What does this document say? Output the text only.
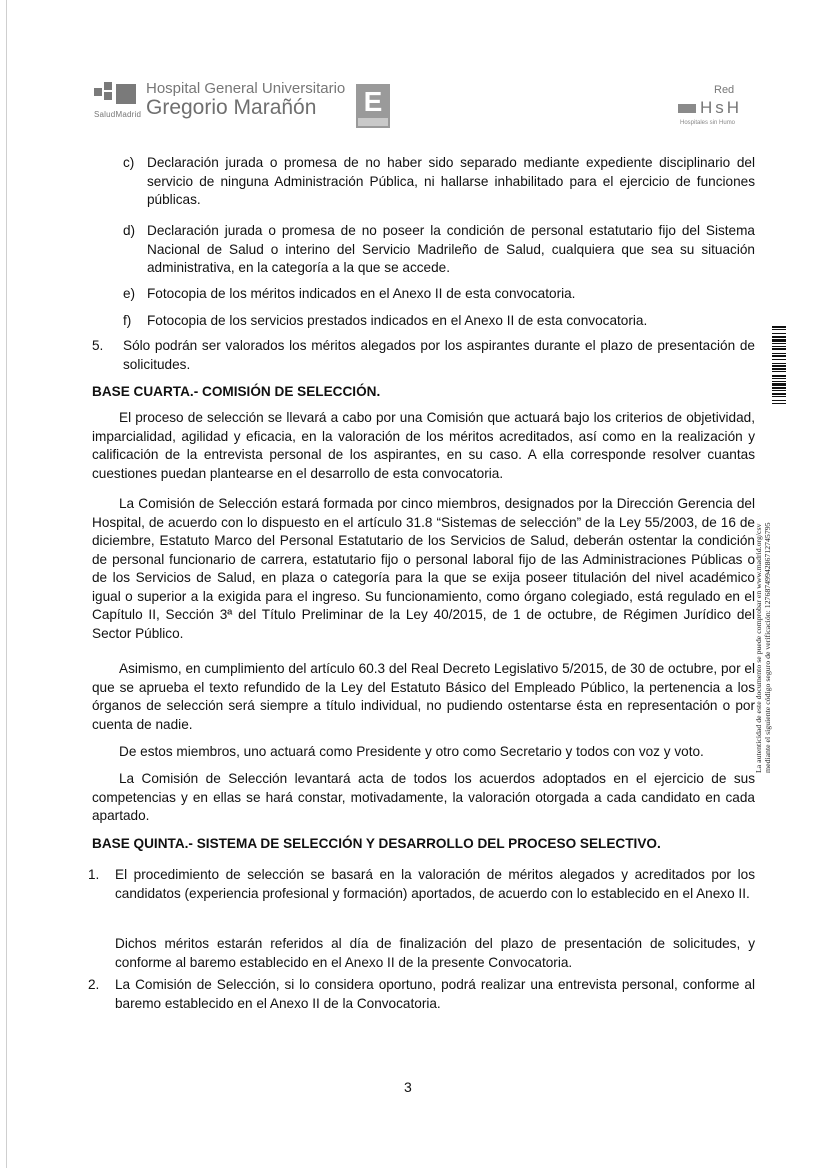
SaludMadrid
Hospital General Universitario
Gregorio Marañón E	Red
HsH
Hospitales sin Humo
c) Declaración jurada o promesa de no haber sido separado mediante expediente disciplinario del servicio de ninguna Administración Pública, ni hallarse inhabilitado para el ejercicio de funciones públicas.
d) Declaración jurada o promesa de no poseer la condición de personal estatutario fijo del Sistema Nacional de Salud o interino del Servicio Madrileño de Salud, cualquiera que sea su situación administrativa, en la categoría a la que se accede.
e) Fotocopia de los méritos indicados en el Anexo II de esta convocatoria.
f) Fotocopia de los servicios prestados indicados en el Anexo II de esta convocatoria.
5. Sólo podrán ser valorados los méritos alegados por los aspirantes durante el plazo de presentación de solicitudes.
BASE CUARTA.- COMISIÓN DE SELECCIÓN.
El proceso de selección se llevará a cabo por una Comisión que actuará bajo los criterios de objetividad, imparcialidad, agilidad y eficacia, en la valoración de los méritos acreditados, así como en la realización y calificación de la entrevista personal de los aspirantes, en su caso. A ella corresponde resolver cuantas cuestiones puedan plantearse en el desarrollo de esta convocatoria.
La Comisión de Selección estará formada por cinco miembros, designados por la Dirección Gerencia del Hospital, de acuerdo con lo dispuesto en el artículo 31.8 “Sistemas de selección” de la Ley 55/2003, de 16 de diciembre, Estatuto Marco del Personal Estatutario de los Servicios de Salud, deberán ostentar la condición de personal funcionario de carrera, estatutario fijo o personal laboral fijo de las Administraciones Públicas o de los Servicios de Salud, en plaza o categoría para la que se exija poseer titulación del nivel académico igual o superior a la exigida para el ingreso. Su funcionamiento, como órgano colegiado, está regulado en el Capítulo II, Sección 3ª del Título Preliminar de la Ley 40/2015, de 1 de octubre, de Régimen Jurídico del Sector Público.
Asimismo, en cumplimiento del artículo 60.3 del Real Decreto Legislativo 5/2015, de 30 de octubre, por el que se aprueba el texto refundido de la Ley del Estatuto Básico del Empleado Público, la pertenencia a los órganos de selección será siempre a título individual, no pudiendo ostentarse ésta en representación o por cuenta de nadie.
De estos miembros, uno actuará como Presidente y otro como Secretario y todos con voz y voto.
La Comisión de Selección levantará acta de todos los acuerdos adoptados en el ejercicio de sus competencias y en ellas se hará constar, motivadamente, la valoración otorgada a cada candidato en cada apartado.
BASE QUINTA.- SISTEMA DE SELECCIÓN Y DESARROLLO DEL PROCESO SELECTIVO.
1. El procedimiento de selección se basará en la valoración de méritos alegados y acreditados por los candidatos (experiencia profesional y formación) aportados, de acuerdo con lo establecido en el Anexo II.
Dichos méritos estarán referidos al día de finalización del plazo de presentación de solicitudes, y conforme al baremo establecido en el Anexo II de la presente Convocatoria.
2. La Comisión de Selección, si lo considera oportuno, podrá realizar una entrevista personal, conforme al baremo establecido en el Anexo II de la Convocatoria.
3
La autenticidad de este documento se puede comprobar en www.madrid.org/csv mediante el siguiente código seguro de verificación: 1276874994286712745795
